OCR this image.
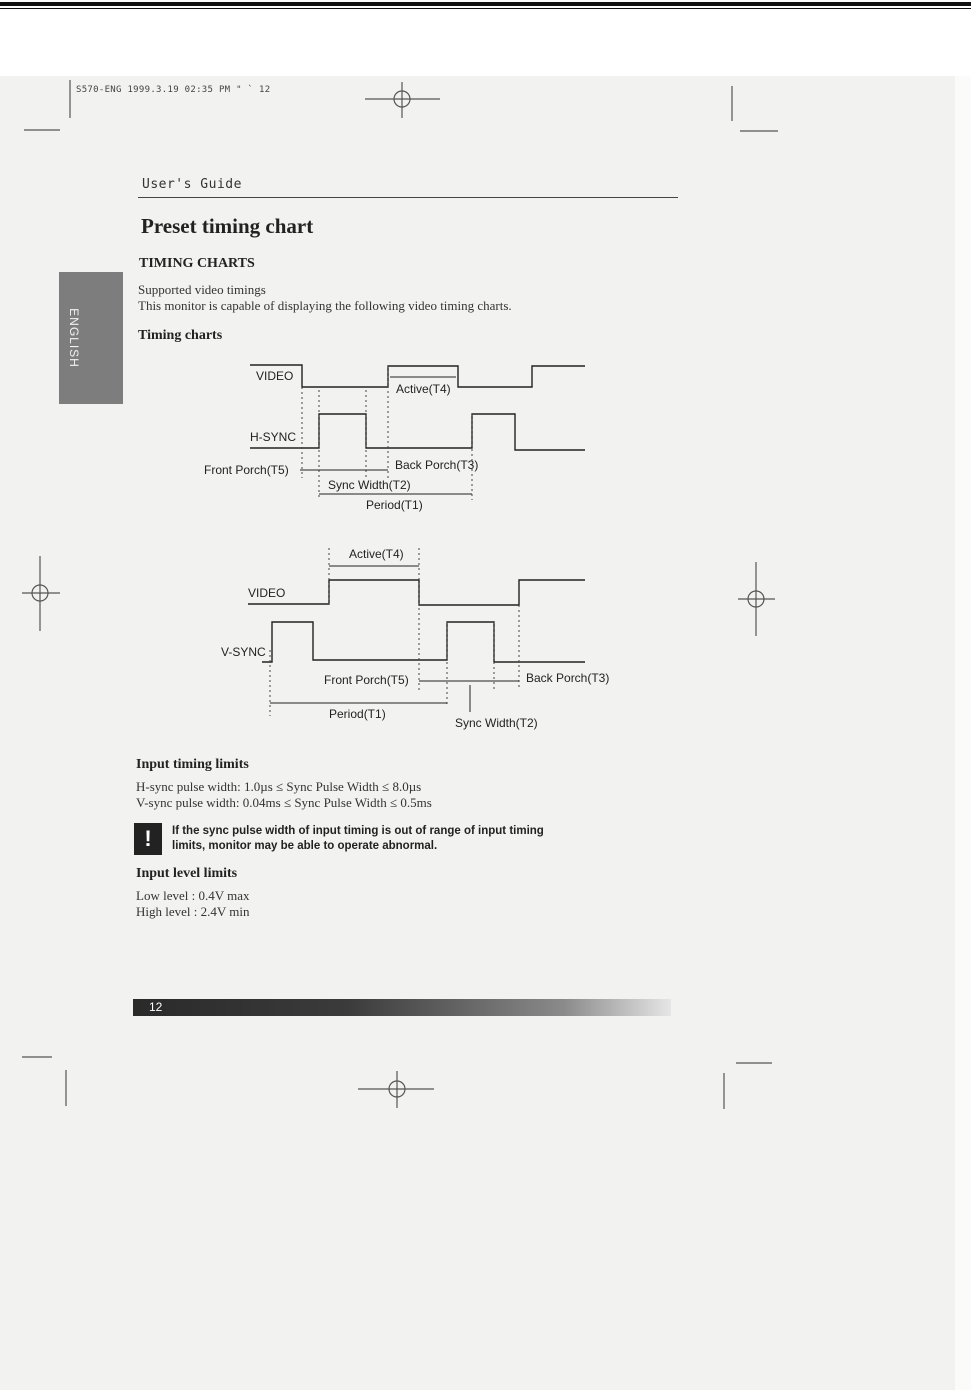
S570-ENG 1999.3.19 02:35 PM " ` 12
User's Guide
Preset timing chart
TIMING CHARTS
Supported video timings
This monitor is capable of displaying the following video timing charts.
Timing charts
ENGLISH
VIDEO
H-SYNC
Active(T4)
Front Porch(T5)	Back Porch(T3)
Sync Width(T2)
Period(T1)
Active(T4)
VIDEO
V-SYNC
Front Porch(T5)	Back Porch(T3)
Period(T1)
Sync Width(T2)
Input timing limits
H-sync pulse width: 1.0µs ≤ Sync Pulse Width ≤ 8.0µs
V-sync pulse width: 0.04ms ≤ Sync Pulse Width ≤ 0.5ms
!	If the sync pulse width of input timing is out of range of input timing limits, monitor may be able to operate abnormal.
Input level limits
Low level : 0.4V max
High level : 2.4V min
12
